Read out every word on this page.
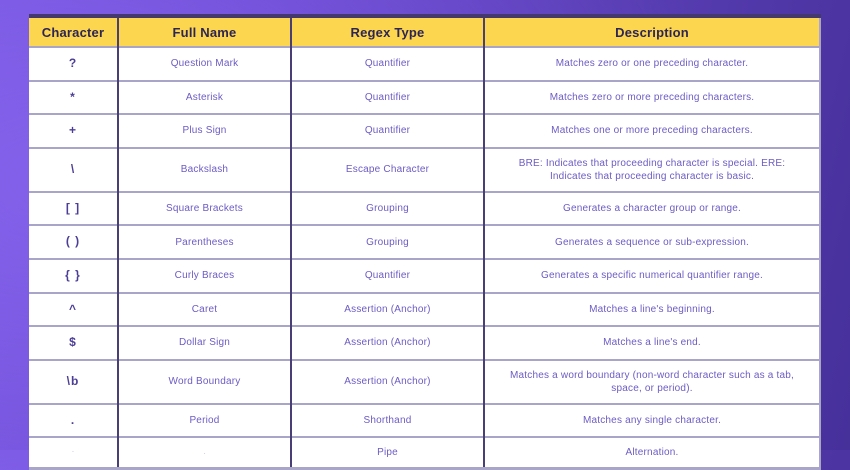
Character	Full Name	Regex Type	Description
?	Question Mark	Quantifier	Matches zero or one preceding character.
*	Asterisk	Quantifier	Matches zero or more preceding characters.
+	Plus Sign	Quantifier	Matches one or more preceding characters.
\	Backslash	Escape Character	BRE: Indicates that proceeding character is special. ERE: Indicates that proceeding character is basic.
[ ]	Square Brackets	Grouping	Generates a character group or range.
( )	Parentheses	Grouping	Generates a sequence or sub-expression.
{ }	Curly Braces	Quantifier	Generates a specific numerical quantifier range.
^	Caret	Assertion (Anchor)	Matches a line's beginning.
$	Dollar Sign	Assertion (Anchor)	Matches a line's end.
\b	Word Boundary	Assertion (Anchor)	Matches a word boundary (non-word character such as a tab, space, or period).
.	Period	Shorthand	Matches any single character.
`	-	Pipe	Alternation.
